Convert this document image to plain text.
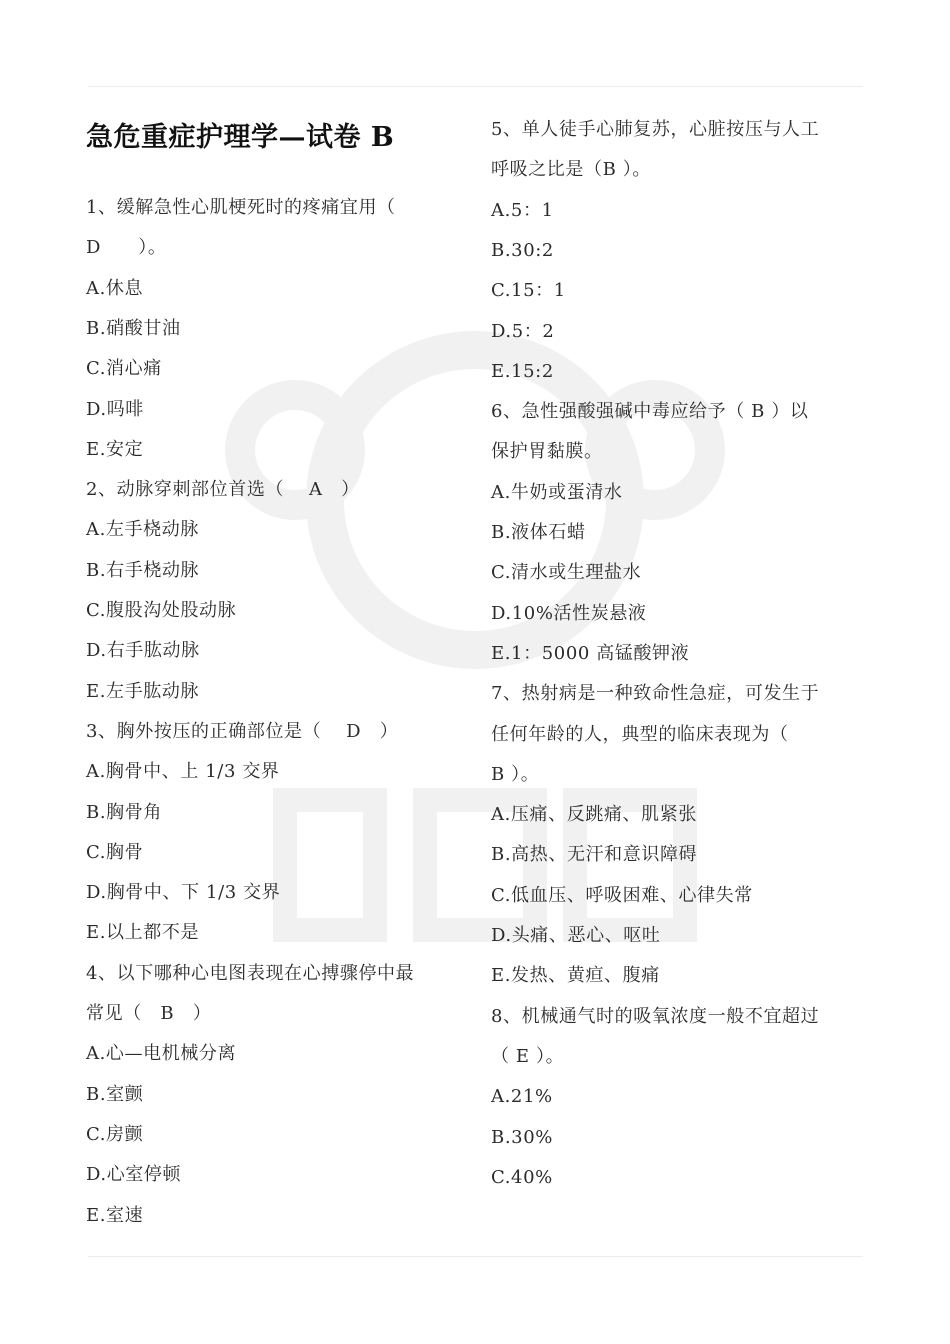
急危重症护理学—试卷 B
1、缓解急性心肌梗死时的疼痛宜用（
D　　）。
A.休息
B.硝酸甘油
C.消心痛
D.吗啡
E.安定
2、动脉穿刺部位首选（　 A　）
A.左手桡动脉
B.右手桡动脉
C.腹股沟处股动脉
D.右手肱动脉
E.左手肱动脉
3、胸外按压的正确部位是（　 D　）
A.胸骨中、上 1/3 交界
B.胸骨角
C.胸骨
D.胸骨中、下 1/3 交界
E.以上都不是
4、以下哪种心电图表现在心搏骤停中最
常见（　B　）
A.心—电机械分离
B.室颤
C.房颤
D.心室停顿
E.室速
5、单人徒手心肺复苏，心脏按压与人工
呼吸之比是（B ）。
A.5：1
B.30:2
C.15：1
D.5：2
E.15:2
6、急性强酸强碱中毒应给予（ B ）以
保护胃黏膜。
A.牛奶或蛋清水
B.液体石蜡
C.清水或生理盐水
D.10%活性炭悬液
E.1：5000 高锰酸钾液
7、热射病是一种致命性急症，可发生于
任何年龄的人，典型的临床表现为（
B ）。
A.压痛、反跳痛、肌紧张
B.高热、无汗和意识障碍
C.低血压、呼吸困难、心律失常
D.头痛、恶心、呕吐
E.发热、黄疸、腹痛
8、机械通气时的吸氧浓度一般不宜超过
（ E ）。
A.21%
B.30%
C.40%
